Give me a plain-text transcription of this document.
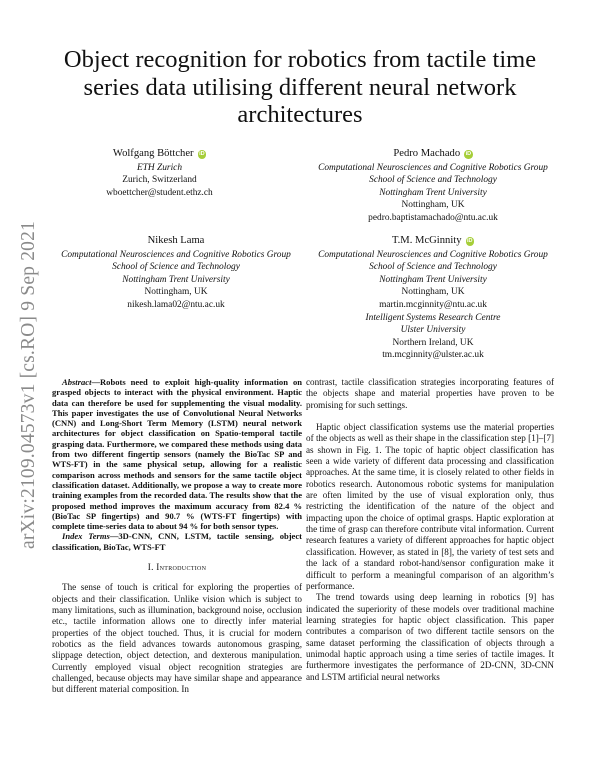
arXiv:2109.04573v1 [cs.RO] 9 Sep 2021
Object recognition for robotics from tactile time series data utilising different neural network architectures
Wolfgang Böttcher iD
ETH Zurich
Zurich, Switzerland
wboettcher@student.ethz.ch
Pedro Machado iD
Computational Neurosciences and Cognitive Robotics Group
School of Science and Technology
Nottingham Trent University
Nottingham, UK
pedro.baptistamachado@ntu.ac.uk
Nikesh Lama
Computational Neurosciences and Cognitive Robotics Group
School of Science and Technology
Nottingham Trent University
Nottingham, UK
nikesh.lama02@ntu.ac.uk
T.M. McGinnity iD
Computational Neurosciences and Cognitive Robotics Group
School of Science and Technology
Nottingham Trent University
Nottingham, UK
martin.mcginnity@ntu.ac.uk
Intelligent Systems Research Centre
Ulster University
Northern Ireland, UK
tm.mcginnity@ulster.ac.uk

Abstract—Robots need to exploit high-quality information on grasped objects to interact with the physical environment. Haptic data can therefore be used for supplementing the visual modality. This paper investigates the use of Convolutional Neural Networks (CNN) and Long-Short Term Memory (LSTM) neural network architectures for object classification on Spatio-temporal tactile grasping data. Furthermore, we compared these methods using data from two different fingertip sensors (namely the BioTac SP and WTS-FT) in the same physical setup, allowing for a realistic comparison across methods and sensors for the same tactile object classification dataset. Additionally, we propose a way to create more training examples from the recorded data. The results show that the proposed method improves the maximum accuracy from 82.4 % (BioTac SP fingertips) and 90.7 % (WTS-FT fingertips) with complete time-series data to about 94 % for both sensor types.

Index Terms—3D-CNN, CNN, LSTM, tactile sensing, object classification, BioTac, WTS-FT

I. Introduction

The sense of touch is critical for exploring the properties of objects and their classification. Unlike vision which is subject to many limitations, such as illumination, background noise, occlusion etc., tactile information allows one to directly infer material properties of the object touched. Thus, it is crucial for modern robotics as the field advances towards autonomous grasping, slippage detection, object detection, and dexterous manipulation. Currently employed visual object recognition strategies are challenged, because objects may have similar shape and appearance but different material composition. In

contrast, tactile classification strategies incorporating features of the objects shape and material properties have proven to be promising for such settings.

Haptic object classification systems use the material properties of the objects as well as their shape in the classification step [1]–[7] as shown in Fig. 1. The topic of haptic object classification has seen a wide variety of different data processing and classification approaches. At the same time, it is closely related to other fields in robotics research. Autonomous robotic systems for manipulation are often limited by the use of visual exploration only, thus restricting the identification of the nature of the object and impacting upon the choice of optimal grasps. Haptic exploration at the time of grasp can therefore contribute vital information. Current research features a variety of different approaches for haptic object classification. However, as stated in [8], the variety of test sets and the lack of a standard robot-hand/sensor configuration make it difficult to perform a meaningful comparison of an algorithm’s performance.

The trend towards using deep learning in robotics [9] has indicated the superiority of these models over traditional machine learning strategies for haptic object classification. This paper contributes a comparison of two different tactile sensors on the same dataset performing the classification of objects through a unimodal haptic approach using a time series of tactile images. It furthermore investigates the performance of 2D-CNN, 3D-CNN and LSTM artificial neural networks
